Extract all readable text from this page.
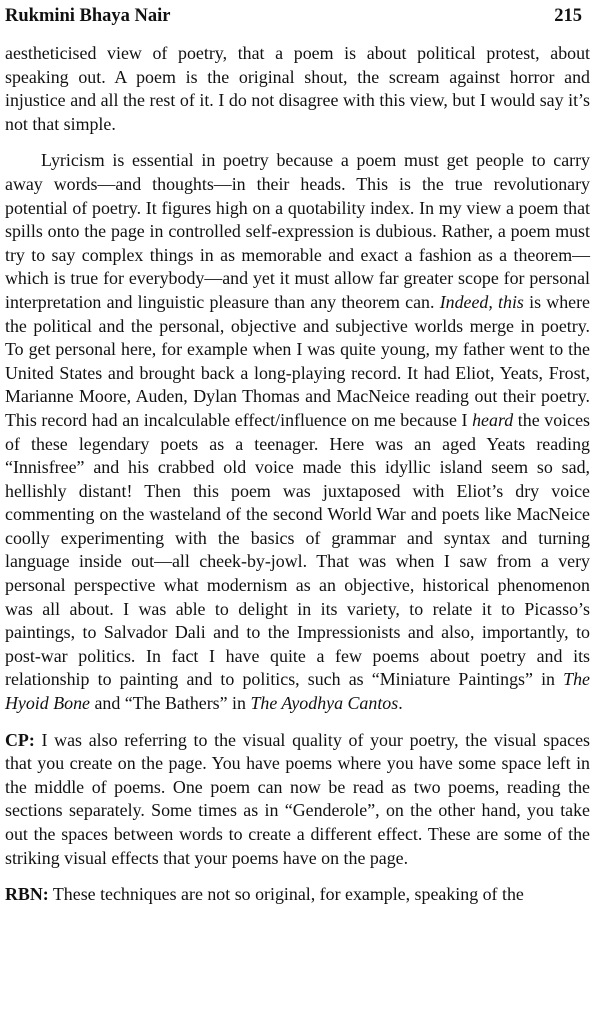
Rukmini Bhaya Nair	215

aestheticised view of poetry, that a poem is about political protest, about speaking out. A poem is the original shout, the scream against horror and injustice and all the rest of it. I do not disagree with this view, but I would say it’s not that simple.

Lyricism is essential in poetry because a poem must get people to carry away words—and thoughts—in their heads. This is the true revolutionary potential of poetry. It figures high on a quotability index. In my view a poem that spills onto the page in controlled self-expression is dubious. Rather, a poem must try to say complex things in as memorable and exact a fashion as a theorem—which is true for everybody—and yet it must allow far greater scope for personal interpretation and linguistic pleasure than any theorem can. Indeed, this is where the political and the personal, objective and subjective worlds merge in poetry. To get personal here, for example when I was quite young, my father went to the United States and brought back a long-playing record. It had Eliot, Yeats, Frost, Marianne Moore, Auden, Dylan Thomas and MacNeice reading out their poetry. This record had an incalculable effect/influence on me because I heard the voices of these legendary poets as a teenager. Here was an aged Yeats reading “Innisfree” and his crabbed old voice made this idyllic island seem so sad, hellishly distant! Then this poem was juxtaposed with Eliot’s dry voice commenting on the wasteland of the second World War and poets like MacNeice coolly experimenting with the basics of grammar and syntax and turning language inside out—all cheek-by-jowl. That was when I saw from a very personal perspective what modernism as an objective, historical phenomenon was all about. I was able to delight in its variety, to relate it to Picasso’s paintings, to Salvador Dali and to the Impressionists and also, importantly, to post-war politics. In fact I have quite a few poems about poetry and its relationship to painting and to politics, such as “Miniature Paintings” in The Hyoid Bone and “The Bathers” in The Ayodhya Cantos.

CP: I was also referring to the visual quality of your poetry, the visual spaces that you create on the page. You have poems where you have some space left in the middle of poems. One poem can now be read as two poems, reading the sections separately. Some times as in “Genderole”, on the other hand, you take out the spaces between words to create a different effect. These are some of the striking visual effects that your poems have on the page.

RBN: These techniques are not so original, for example, speaking of the
